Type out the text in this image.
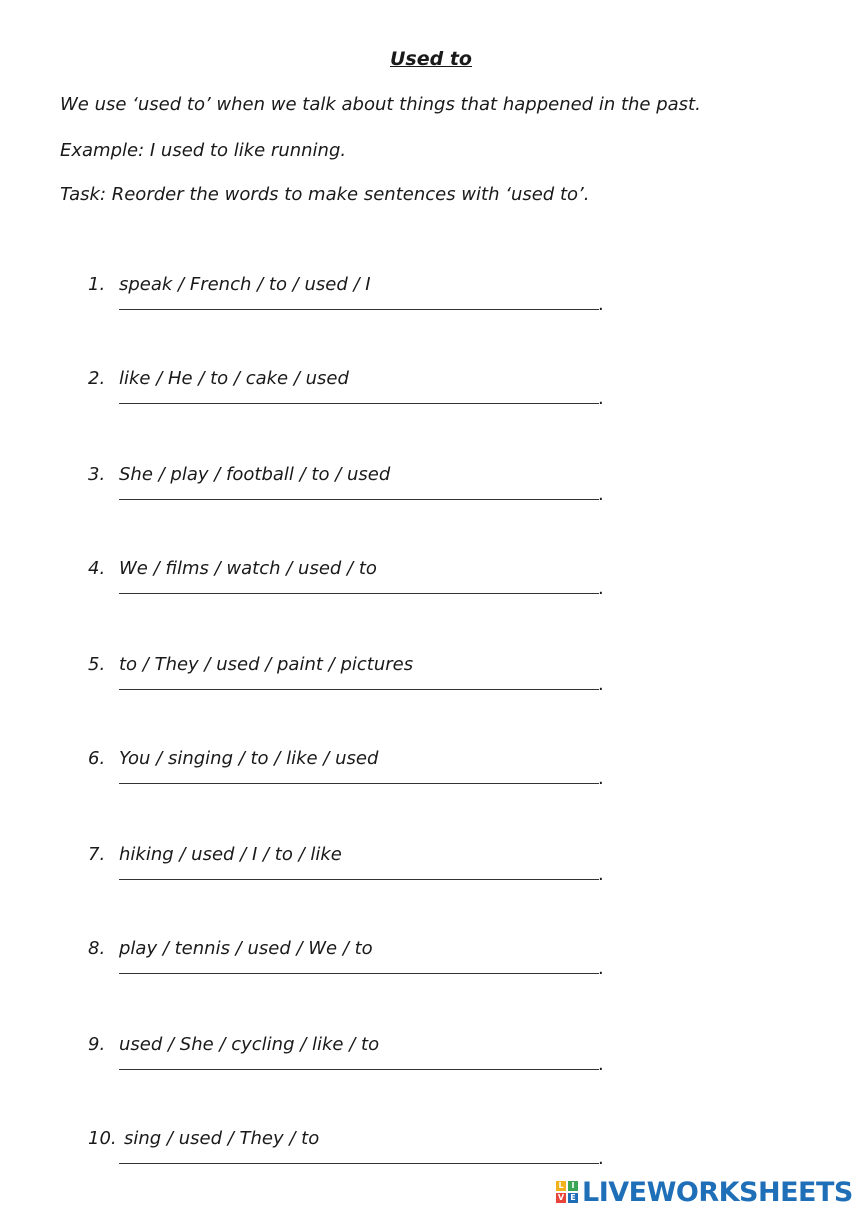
Used to
We use ‘used to’ when we talk about things that happened in the past.
Example: I used to like running.
Task: Reorder the words to make sentences with ‘used to’.
1. speak / French / to / used / I
.
2. like / He / to / cake / used
.
3. She / play / football / to / used
.
4. We / films / watch / used / to
.
5. to / They / used / paint / pictures
.
6. You / singing / to / like / used
.
7. hiking / used / I / to / like
.
8. play / tennis / used / We / to
.
9. used / She / cycling / like / to
.
10. sing / used / They / to
.
L I
V E LIVEWORKSHEETS
